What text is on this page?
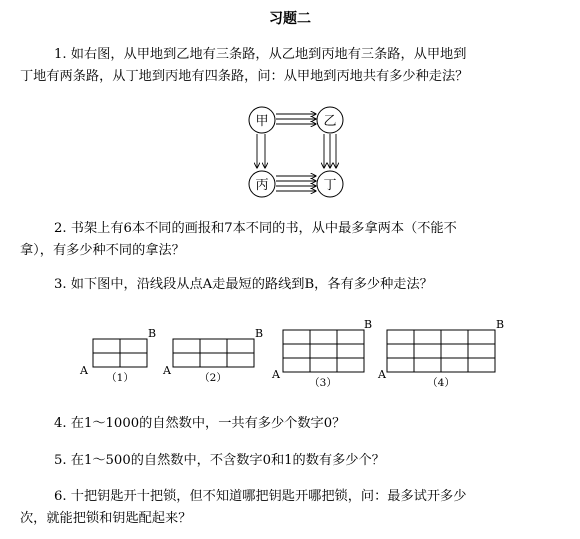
习题二
1. 如右图，从甲地到乙地有三条路，从乙地到丙地有三条路，从甲地到
丁地有两条路，从丁地到丙地有四条路，问：从甲地到丙地共有多少种走法？
甲	乙
丙	丁
2. 书架上有6本不同的画报和7本不同的书，从中最多拿两本（不能不
拿），有多少种不同的拿法？
3. 如下图中，沿线段从点A走最短的路线到B，各有多少种走法？
A
B
（1）
A
B
（2）	A
B
（3）
A
B
（4）
4. 在1～1000的自然数中，一共有多少个数字0？
5. 在1～500的自然数中，不含数字0和1的数有多少个？
6. 十把钥匙开十把锁，但不知道哪把钥匙开哪把锁，问：最多试开多少
次，就能把锁和钥匙配起来？
